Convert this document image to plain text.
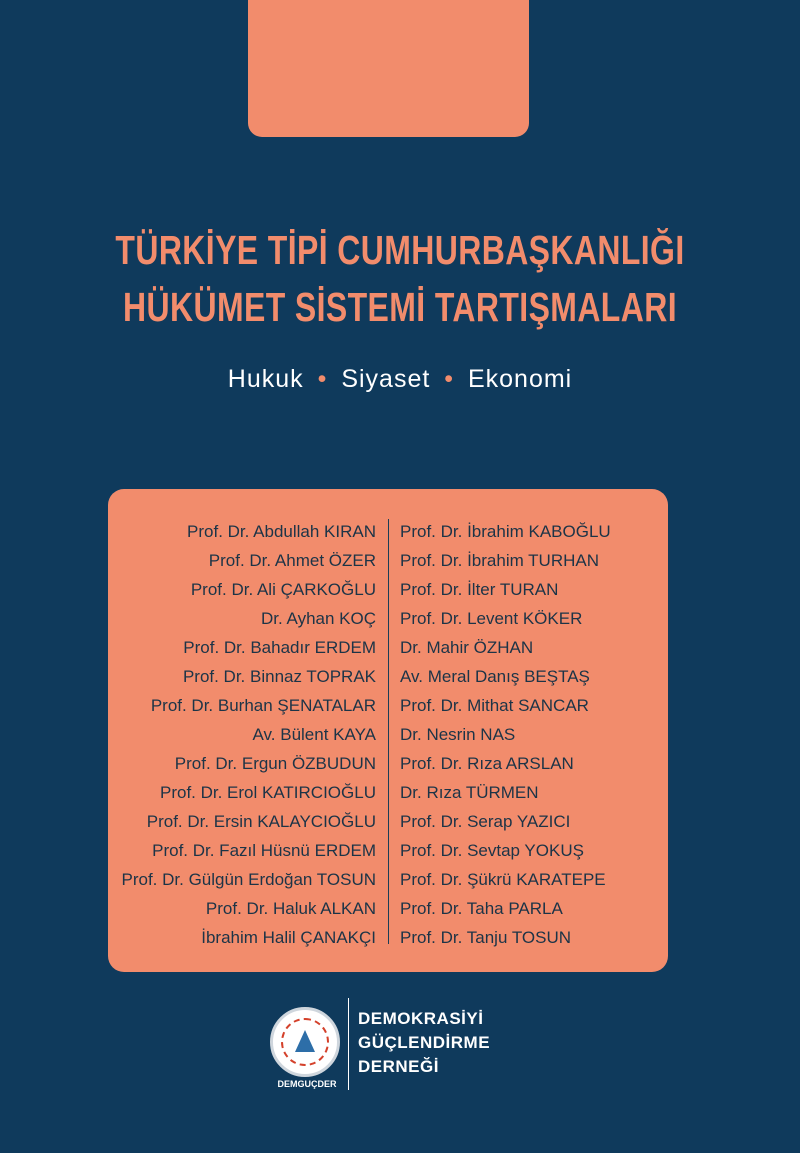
TÜRKİYE TİPİ CUMHURBAŞKANLIĞI
HÜKÜMET SİSTEMİ TARTIŞMALARI
Hukuk • Siyaset • Ekonomi
Prof. Dr. Abdullah KIRAN
Prof. Dr. Ahmet ÖZER
Prof. Dr. Ali ÇARKOĞLU
Dr. Ayhan KOÇ
Prof. Dr. Bahadır ERDEM
Prof. Dr. Binnaz TOPRAK
Prof. Dr. Burhan ŞENATALAR
Av. Bülent KAYA
Prof. Dr. Ergun ÖZBUDUN
Prof. Dr. Erol KATIRCIOĞLU
Prof. Dr. Ersin KALAYCIOĞLU
Prof. Dr. Fazıl Hüsnü ERDEM
Prof. Dr. Gülgün Erdoğan TOSUN
Prof. Dr. Haluk ALKAN
İbrahim Halil ÇANAKÇI
Prof. Dr. İbrahim KABOĞLU
Prof. Dr. İbrahim TURHAN
Prof. Dr. İlter TURAN
Prof. Dr. Levent KÖKER
Dr. Mahir ÖZHAN
Av. Meral Danış BEŞTAŞ
Prof. Dr. Mithat SANCAR
Dr. Nesrin NAS
Prof. Dr. Rıza ARSLAN
Dr. Rıza TÜRMEN
Prof. Dr. Serap YAZICI
Prof. Dr. Sevtap YOKUŞ
Prof. Dr. Şükrü KARATEPE
Prof. Dr. Taha PARLA
Prof. Dr. Tanju TOSUN
DEMGUÇDER
DEMOKRASİYİ
GÜÇLENDİRME
DERNEĞİ
